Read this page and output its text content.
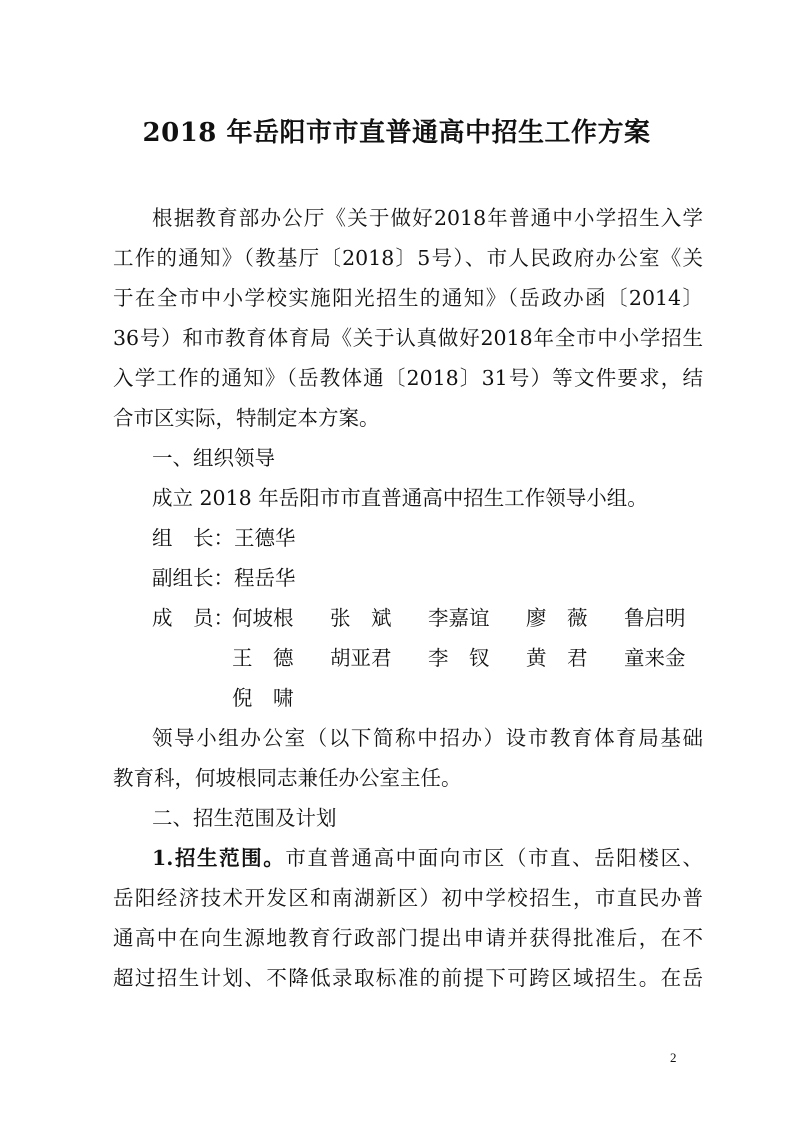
2018 年岳阳市市直普通高中招生工作方案
根据教育部办公厅《关于做好2018年普通中小学招生入学
工作的通知》（教基厅〔2018〕5号）、市人民政府办公室《关
于在全市中小学校实施阳光招生的通知》（岳政办函〔2014〕
36号）和市教育体育局《关于认真做好2018年全市中小学招生
入学工作的通知》（岳教体通〔2018〕31号）等文件要求，结
合市区实际，特制定本方案。
一、组织领导
成立 2018 年岳阳市市直普通高中招生工作领导小组。
组　长：王德华
副组长：程岳华
成　员：
何坡根 张　斌 李嘉谊 廖　薇 鲁启明
王　德 胡亚君 李　钗 黄　君 童来金
倪　啸
领导小组办公室（以下简称中招办）设市教育体育局基础
教育科，何坡根同志兼任办公室主任。
二、招生范围及计划
1.招生范围。市直普通高中面向市区（市直、岳阳楼区、
岳阳经济技术开发区和南湖新区）初中学校招生，市直民办普
通高中在向生源地教育行政部门提出申请并获得批准后，在不
超过招生计划、不降低录取标准的前提下可跨区域招生。在岳
2
